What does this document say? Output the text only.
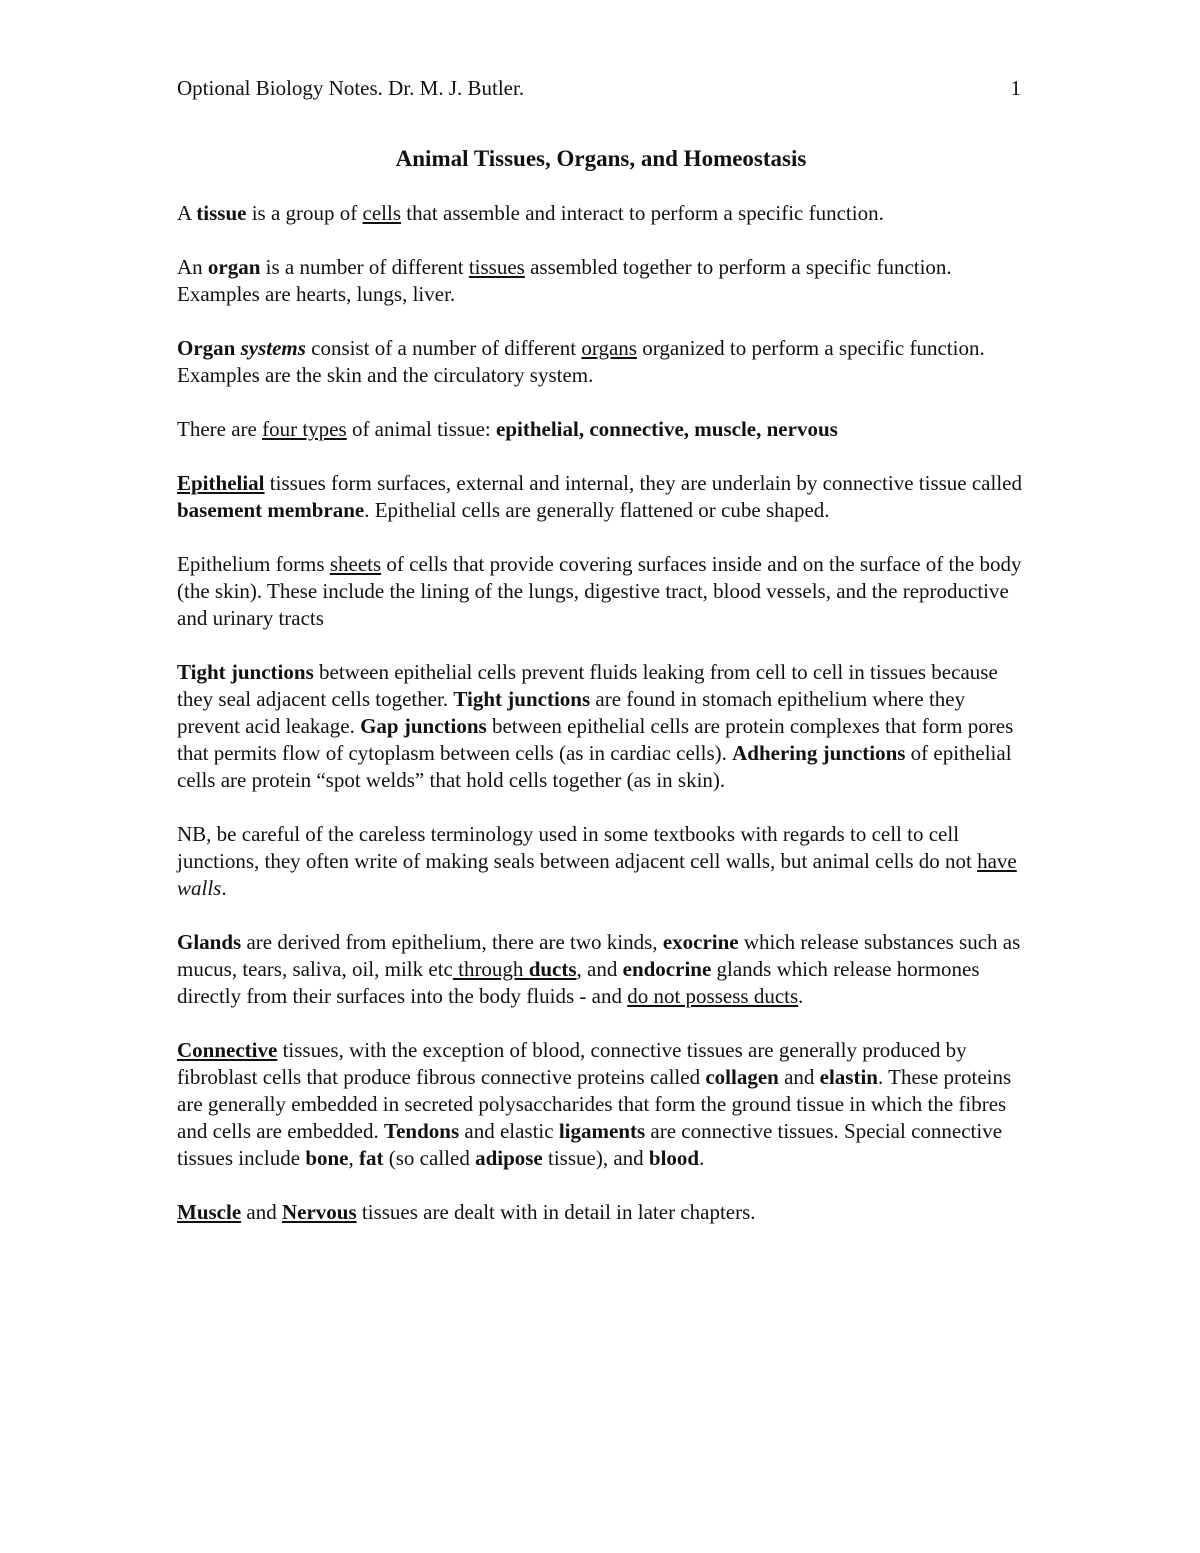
Optional Biology Notes. Dr. M. J. Butler.	1
Animal Tissues, Organs, and Homeostasis

A tissue is a group of cells that assemble and interact to perform a specific function.

An organ is a number of different tissues assembled together to perform a specific function. Examples are hearts, lungs, liver.

Organ systems consist of a number of different organs organized to perform a specific function. Examples are the skin and the circulatory system.

There are four types of animal tissue: epithelial, connective, muscle, nervous

Epithelial tissues form surfaces, external and internal, they are underlain by connective tissue called basement membrane. Epithelial cells are generally flattened or cube shaped.

Epithelium forms sheets of cells that provide covering surfaces inside and on the surface of the body (the skin). These include the lining of the lungs, digestive tract, blood vessels, and the reproductive and urinary tracts

Tight junctions between epithelial cells prevent fluids leaking from cell to cell in tissues because they seal adjacent cells together. Tight junctions are found in stomach epithelium where they prevent acid leakage. Gap junctions between epithelial cells are protein complexes that form pores that permits flow of cytoplasm between cells (as in cardiac cells). Adhering junctions of epithelial cells are protein “spot welds” that hold cells together (as in skin).

NB, be careful of the careless terminology used in some textbooks with regards to cell to cell junctions, they often write of making seals between adjacent cell walls, but animal cells do not have walls.

Glands are derived from epithelium, there are two kinds, exocrine which release substances such as mucus, tears, saliva, oil, milk etc through ducts, and endocrine glands which release hormones directly from their surfaces into the body fluids - and do not possess ducts.

Connective tissues, with the exception of blood, connective tissues are generally produced by fibroblast cells that produce fibrous connective proteins called collagen and elastin. These proteins are generally embedded in secreted polysaccharides that form the ground tissue in which the fibres and cells are embedded. Tendons and elastic ligaments are connective tissues. Special connective tissues include bone, fat (so called adipose tissue), and blood.

Muscle and Nervous tissues are dealt with in detail in later chapters.
